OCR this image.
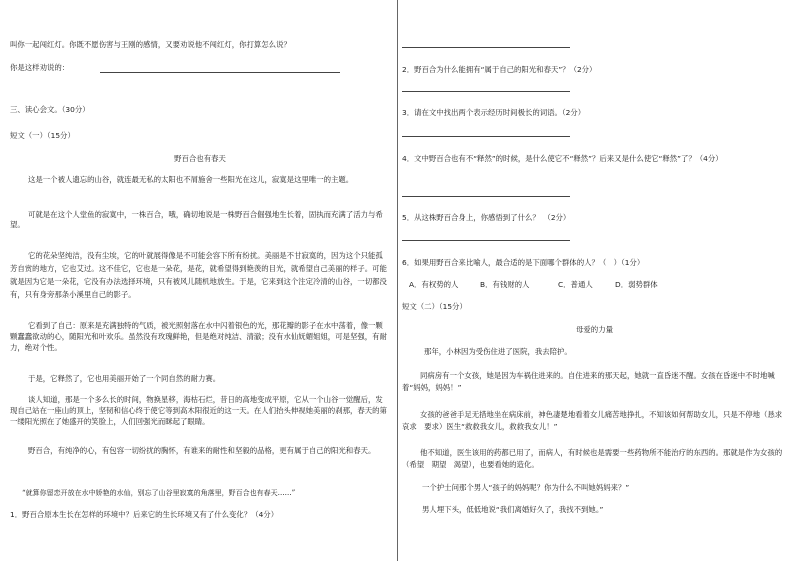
叫你一起闯红灯。你既不愿伤害与王刚的感情，又要劝说他不闯红灯，你打算怎么说？
你是这样劝说的：
三、读心会文。（30分）
短文（一）（15分）
野百合也有春天
这是一个被人遗忘的山谷，就连最无私的太阳也不屑施舍一些阳光在这儿，寂寞是这里唯一的主题。
可就是在这个人堂鱼的寂寞中，一株百合，哦，确切地说是一株野百合倔强地生长着，固执而充满了活力与希望。
它的花朵坚纯洁，没有尘埃，它的叶就展得像是不可能会容下所有纷扰。美丽是不甘寂寞的，因为这个只能孤芳自赏的地方，它也艾过。这不佳它，它也是一朵花，是花，就希望得到艳羡的目光，就希望自己美丽的样子。可能就是因为它是一朵花，它没有办法选择环境，只有被风儿随机地放生。于是，它来到这个注定冷清的山谷，一切都没有，只有身旁那条小溪里自己的影子。
它看到了自己：原来是充满独特的气质，被光照射落在水中闪着银色的光，那花瓣的影子在水中荡着，像一颗颗蠢蠢欲动的心，随阳光和叶欢乐。虽然没有玫瑰鲜艳，但是绝对纯洁、清澈；没有水仙妩媚姐姐，可是坚强，有耐力，绝对个性。
于是，它释然了，它也用美丽开始了一个同自然的耐力赛。
谈人知道，那是一个多么长的时间，物换星移，海枯石烂，昔日的高地变成平原，它从一个山谷一觉醒后，发现自己站在一座山的顶上，坚韧和信心终于使它等到高木阳很近的这一天。在人们抬头伸视她美丽的刹那，春天的第一缕阳光照在了她盛开的笑脸上，人们回强光而眯起了眼睛。
野百合，有纯净的心，有包容一切纷扰的胸怀，有谁来的耐性和坚毅的品格，更有属于自己的阳光和春天。
“就算你留恋开放在水中娇艳的水仙，别忘了山谷里寂寞的角落里，野百合也有春天……”
1．野百合原本生长在怎样的环境中？后来它的生长环境又有了什么变化？（4分）
2．野百合为什么能拥有“属于自己的阳光和春天”？（2分）
3．请在文中找出两个表示经历时间极长的词语。（2分）
4．文中野百合也有不“释然”的时候，是什么使它不“释然”？后来又是什么使它“释然”了？（4分）
5．从这株野百合身上，你感悟到了什么？　（2分）
6．如果用野百合来比喻人，最合适的是下面哪个群体的人？（　）（1分）
A．有权势的人	B．有钱财的人	C．普通人	D．弱势群体
短文（二）（15分）
母爱的力量
那年，小林因为受伤住进了医院，我去陪护。
同病房有一个女孩，她是因为车祸住进来的。自住进来的那天起，她就一直昏迷不醒。女孩在昏迷中不时地喊着“妈妈，妈妈！”
女孩的爸爸手足无措地坐在病床前，神色凄楚地看着女儿痛苦地挣扎，不知该如何帮助女儿，只是不停地（恳求　哀求　要求）医生“救救我女儿，救救我女儿！”
他不知道，医生该用的药都已用了，而病人，有时候也是需要一些药物所不能治疗的东西的。那就是作为女孩的（希望　期望　渴望），也要看她的造化。
一个护士问那个男人“孩子的妈妈呢？你为什么不叫她妈妈来？”
男人埋下头，低低地说“我们离婚好久了，我找不到她。”
